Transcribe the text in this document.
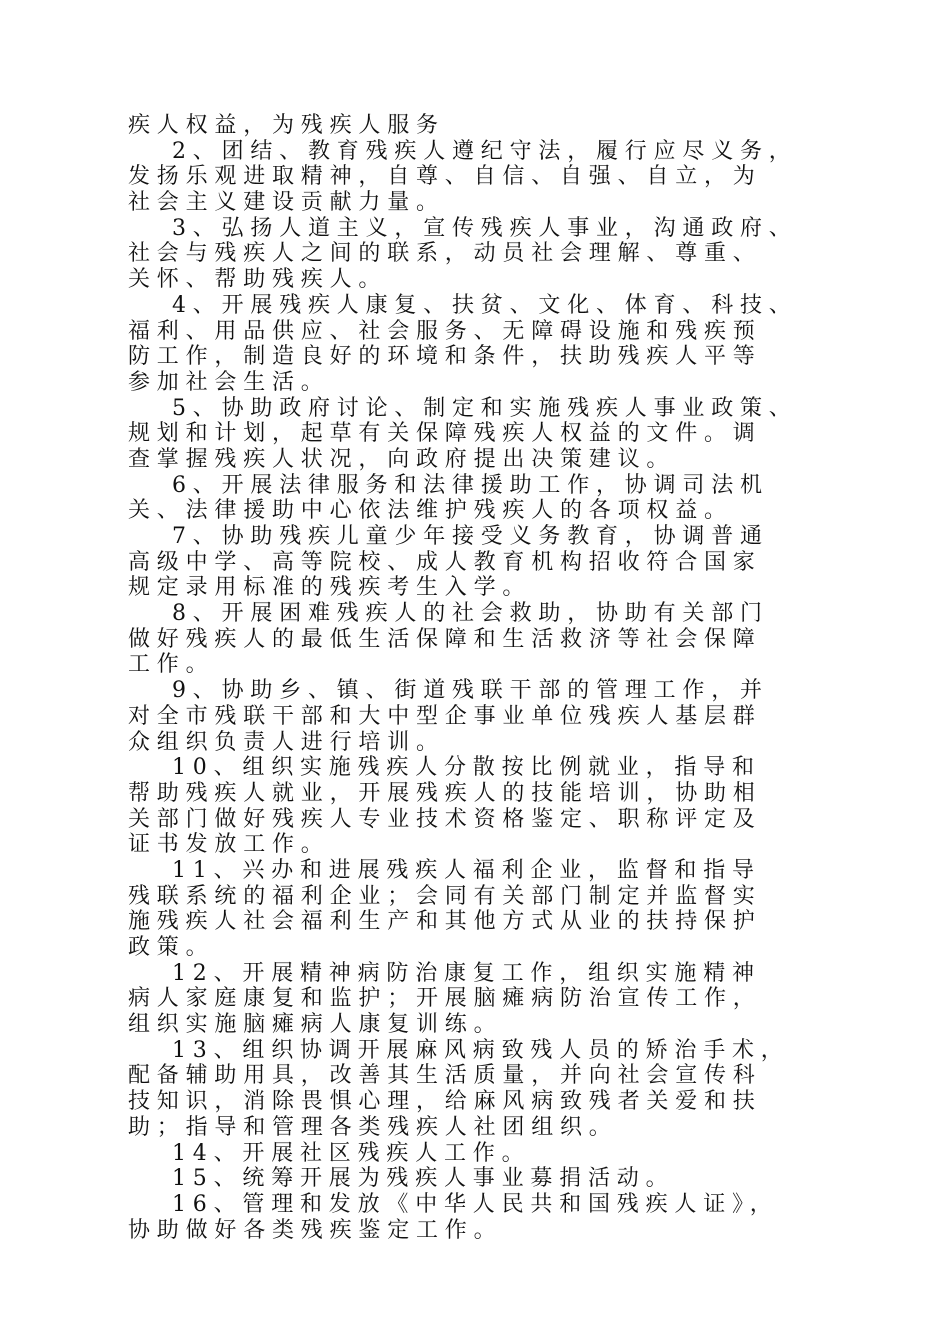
疾人权益，为残疾人服务
2、团结、教育残疾人遵纪守法，履行应尽义务，
发扬乐观进取精神，自尊、自信、自强、自立，为
社会主义建设贡献力量。
3、弘扬人道主义，宣传残疾人事业，沟通政府、
社会与残疾人之间的联系，动员社会理解、尊重、
关怀、帮助残疾人。
4、开展残疾人康复、扶贫、文化、体育、科技、
福利、用品供应、社会服务、无障碍设施和残疾预
防工作，制造良好的环境和条件，扶助残疾人平等
参加社会生活。
5、协助政府讨论、制定和实施残疾人事业政策、
规划和计划，起草有关保障残疾人权益的文件。调
查掌握残疾人状况，向政府提出决策建议。
6、开展法律服务和法律援助工作，协调司法机
关、法律援助中心依法维护残疾人的各项权益。
7、协助残疾儿童少年接受义务教育，协调普通
高级中学、高等院校、成人教育机构招收符合国家
规定录用标准的残疾考生入学。
8、开展困难残疾人的社会救助，协助有关部门
做好残疾人的最低生活保障和生活救济等社会保障
工作。
9、协助乡、镇、街道残联干部的管理工作，并
对全市残联干部和大中型企事业单位残疾人基层群
众组织负责人进行培训。
10、组织实施残疾人分散按比例就业，指导和
帮助残疾人就业，开展残疾人的技能培训，协助相
关部门做好残疾人专业技术资格鉴定、职称评定及
证书发放工作。
11、兴办和进展残疾人福利企业，监督和指导
残联系统的福利企业；会同有关部门制定并监督实
施残疾人社会福利生产和其他方式从业的扶持保护
政策。
12、开展精神病防治康复工作，组织实施精神
病人家庭康复和监护；开展脑瘫病防治宣传工作，
组织实施脑瘫病人康复训练。
13、组织协调开展麻风病致残人员的矫治手术，
配备辅助用具，改善其生活质量，并向社会宣传科
技知识，消除畏惧心理，给麻风病致残者关爱和扶
助；指导和管理各类残疾人社团组织。
14、开展社区残疾人工作。
15、统筹开展为残疾人事业募捐活动。
16、管理和发放《中华人民共和国残疾人证》，
协助做好各类残疾鉴定工作。
